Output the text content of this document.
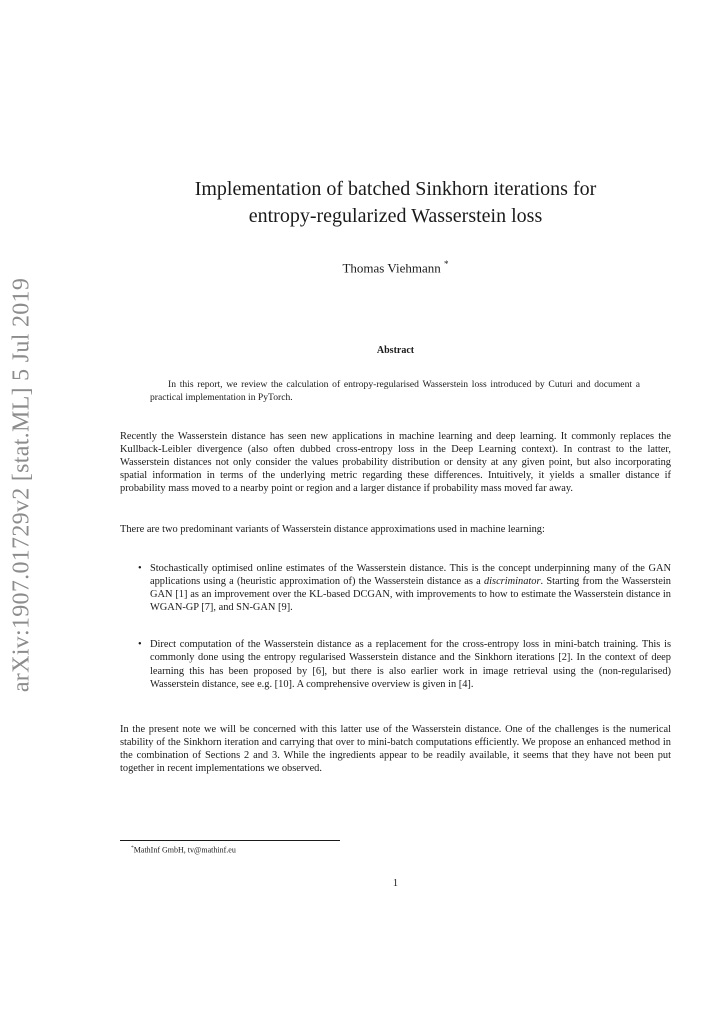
arXiv:1907.01729v2 [stat.ML] 5 Jul 2019
Implementation of batched Sinkhorn iterations for
entropy-regularized Wasserstein loss
Thomas Viehmann *
Abstract
In this report, we review the calculation of entropy-regularised Wasserstein loss introduced by Cuturi and document a practical implementation in PyTorch.
Recently the Wasserstein distance has seen new applications in machine learning and deep learning. It commonly replaces the Kullback-Leibler divergence (also often dubbed cross-entropy loss in the Deep Learning context). In contrast to the latter, Wasserstein distances not only consider the values probability distribution or density at any given point, but also incorporating spatial information in terms of the underlying metric regarding these differences. Intuitively, it yields a smaller distance if probability mass moved to a nearby point or region and a larger distance if probability mass moved far away.
There are two predominant variants of Wasserstein distance approximations used in machine learning:
• Stochastically optimised online estimates of the Wasserstein distance. This is the concept underpinning many of the GAN applications using a (heuristic approximation of) the Wasserstein distance as a discriminator. Starting from the Wasserstein GAN [1] as an improvement over the KL-based DCGAN, with improvements to how to estimate the Wasserstein distance in WGAN-GP [7], and SN-GAN [9].
• Direct computation of the Wasserstein distance as a replacement for the cross-entropy loss in mini-batch training. This is commonly done using the entropy regularised Wasserstein distance and the Sinkhorn iterations [2]. In the context of deep learning this has been proposed by [6], but there is also earlier work in image retrieval using the (non-regularised) Wasserstein distance, see e.g. [10]. A comprehensive overview is given in [4].
In the present note we will be concerned with this latter use of the Wasserstein distance. One of the challenges is the numerical stability of the Sinkhorn iteration and carrying that over to mini-batch computations efficiently. We propose an enhanced method in the combination of Sections 2 and 3. While the ingredients appear to be readily available, it seems that they have not been put together in recent implementations we observed.
*MathInf GmbH, tv@mathinf.eu
1
